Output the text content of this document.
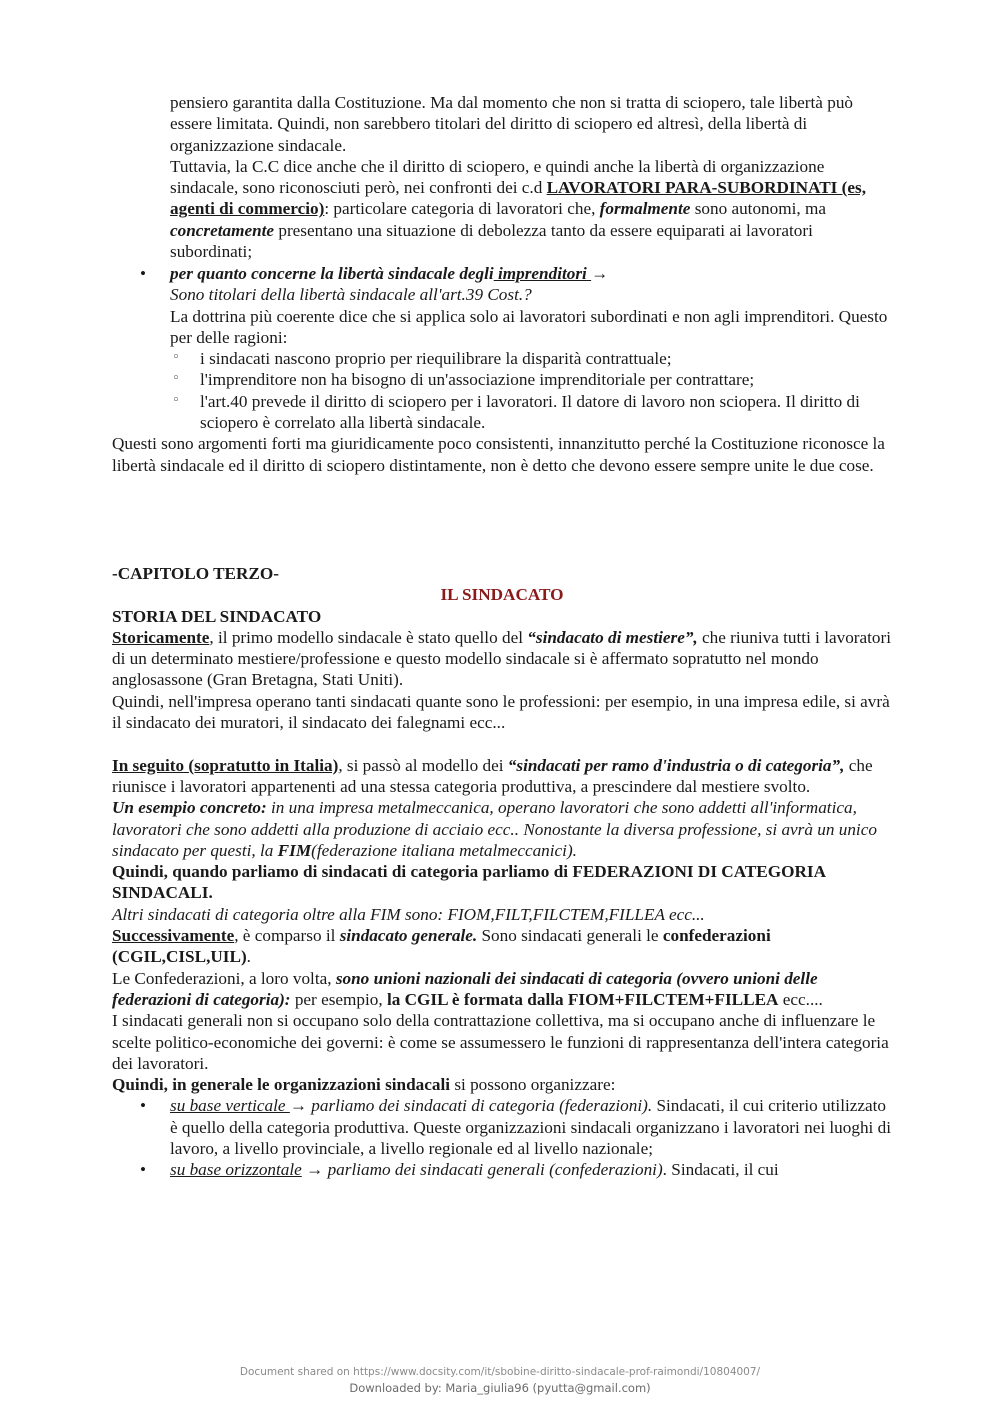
pensiero garantita dalla Costituzione. Ma dal momento che non si tratta di sciopero, tale libertà può essere limitata. Quindi, non sarebbero titolari del diritto di sciopero ed altresì, della libertà di organizzazione sindacale.

Tuttavia, la C.C dice anche che il diritto di sciopero, e quindi anche la libertà di organizzazione sindacale, sono riconosciuti però, nei confronti dei c.d LAVORATORI PARA-SUBORDINATI (es, agenti di commercio): particolare categoria di lavoratori che, formalmente sono autonomi, ma concretamente presentano una situazione di debolezza tanto da essere equiparati ai lavoratori subordinati;

• per quanto concerne la libertà sindacale degli imprenditori →

Sono titolari della libertà sindacale all'art.39 Cost.?

La dottrina più coerente dice che si applica solo ai lavoratori subordinati e non agli imprenditori. Questo per delle ragioni:

◦ i sindacati nascono proprio per riequilibrare la disparità contrattuale;
◦ l'imprenditore non ha bisogno di un'associazione imprenditoriale per contrattare;
◦ l'art.40 prevede il diritto di sciopero per i lavoratori. Il datore di lavoro non sciopera. Il diritto di sciopero è correlato alla libertà sindacale.

Questi sono argomenti forti ma giuridicamente poco consistenti, innanzitutto perché la Costituzione riconosce la libertà sindacale ed il diritto di sciopero distintamente, non è detto che devono essere sempre unite le due cose.

-CAPITOLO TERZO-

IL SINDACATO

STORIA DEL SINDACATO

Storicamente, il primo modello sindacale è stato quello del “sindacato di mestiere”, che riuniva tutti i lavoratori di un determinato mestiere/professione e questo modello sindacale si è affermato sopratutto nel mondo anglosassone (Gran Bretagna, Stati Uniti).

Quindi, nell'impresa operano tanti sindacati quante sono le professioni: per esempio, in una impresa edile, si avrà il sindacato dei muratori, il sindacato dei falegnami ecc...

In seguito (sopratutto in Italia), si passò al modello dei “sindacati per ramo d'industria o di categoria”, che riunisce i lavoratori appartenenti ad una stessa categoria produttiva, a prescindere dal mestiere svolto.

Un esempio concreto: in una impresa metalmeccanica, operano lavoratori che sono addetti all'informatica, lavoratori che sono addetti alla produzione di acciaio ecc.. Nonostante la diversa professione, si avrà un unico sindacato per questi, la FIM(federazione italiana metalmeccanici).

Quindi, quando parliamo di sindacati di categoria parliamo di FEDERAZIONI DI CATEGORIA SINDACALI.

Altri sindacati di categoria oltre alla FIM sono: FIOM,FILT,FILCTEM,FILLEA ecc...

Successivamente, è comparso il sindacato generale. Sono sindacati generali le confederazioni (CGIL,CISL,UIL).

Le Confederazioni, a loro volta, sono unioni nazionali dei sindacati di categoria (ovvero unioni delle federazioni di categoria): per esempio, la CGIL è formata dalla FIOM+FILCTEM+FILLEA ecc....

I sindacati generali non si occupano solo della contrattazione collettiva, ma si occupano anche di influenzare le scelte politico-economiche dei governi: è come se assumessero le funzioni di rappresentanza dell'intera categoria dei lavoratori.

Quindi, in generale le organizzazioni sindacali si possono organizzare:

• su base verticale → parliamo dei sindacati di categoria (federazioni). Sindacati, il cui criterio utilizzato è quello della categoria produttiva. Queste organizzazioni sindacali organizzano i lavoratori nei luoghi di lavoro, a livello provinciale, a livello regionale ed al livello nazionale;
• su base orizzontale → parliamo dei sindacati generali (confederazioni). Sindacati, il cui
Document shared on https://www.docsity.com/it/sbobine-diritto-sindacale-prof-raimondi/10804007/
Downloaded by: Maria_giulia96 (pyutta@gmail.com)
